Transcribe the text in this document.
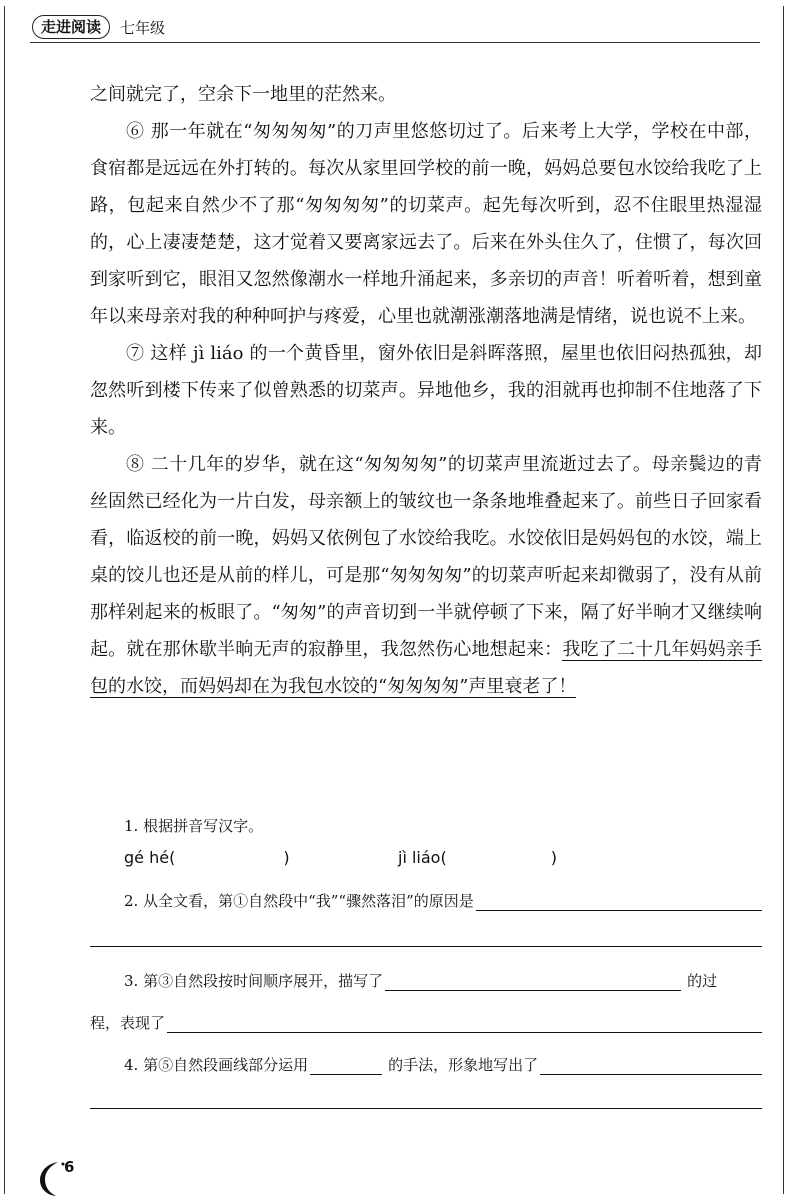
走进阅读	七年级

之间就完了，空余下一地里的茫然来。

⑥ 那一年就在“匆匆匆匆”的刀声里悠悠切过了。后来考上大学，学校在中部，食宿都是远远在外打转的。每次从家里回学校的前一晚，妈妈总要包水饺给我吃了上路，包起来自然少不了那“匆匆匆匆”的切菜声。起先每次听到，忍不住眼里热湿湿的，心上凄凄楚楚，这才觉着又要离家远去了。后来在外头住久了，住惯了，每次回到家听到它，眼泪又忽然像潮水一样地升涌起来，多亲切的声音！听着听着，想到童年以来母亲对我的种种呵护与疼爱，心里也就潮涨潮落地满是情绪，说也说不上来。

⑦ 这样 jì liáo 的一个黄昏里，窗外依旧是斜晖落照，屋里也依旧闷热孤独，却忽然听到楼下传来了似曾熟悉的切菜声。异地他乡，我的泪就再也抑制不住地落了下来。

⑧ 二十几年的岁华，就在这“匆匆匆匆”的切菜声里流逝过去了。母亲鬓边的青丝固然已经化为一片白发，母亲额上的皱纹也一条条地堆叠起来了。前些日子回家看看，临返校的前一晚，妈妈又依例包了水饺给我吃。水饺依旧是妈妈包的水饺，端上桌的饺儿也还是从前的样儿，可是那“匆匆匆匆”的切菜声听起来却微弱了，没有从前那样剁起来的板眼了。“匆匆”的声音切到一半就停顿了下来，隔了好半晌才又继续响起。就在那休歇半晌无声的寂静里，我忽然伤心地想起来：我吃了二十几年妈妈亲手包的水饺，而妈妈却在为我包水饺的“匆匆匆匆”声里衰老了！

1. 根据拼音写汉字。
gé hé(	)	jì liáo(	)
2. 从全文看，第①自然段中“我”“骤然落泪”的原因是
3. 第③自然段按时间顺序展开，描写了	的过
程，表现了
4. 第⑤自然段画线部分运用	的手法，形象地写出了
6
